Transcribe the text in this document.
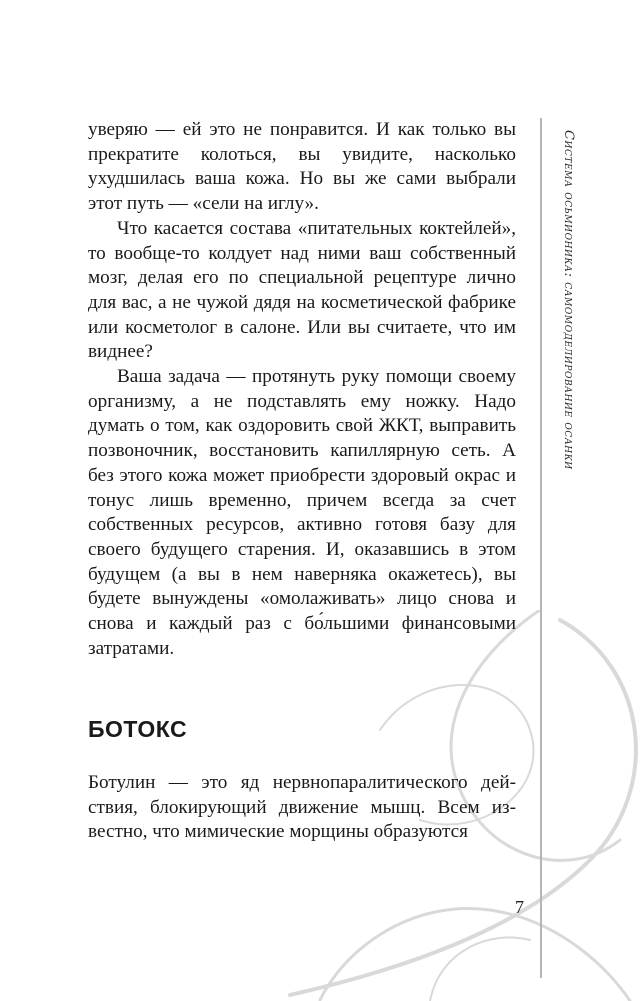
Система осьмионика: самомоделирование осанки

уверяю — ей это не понравится. И как только вы прекратите колоться, вы увидите, насколько ухудшилась ваша кожа. Но вы же сами выбрали этот путь — «сели на иглу».

Что касается состава «питательных коктейлей», то вообще-то колдует над ними ваш собственный мозг, делая его по специальной рецептуре лично для вас, а не чужой дядя на косметической фабрике или косметолог в салоне. Или вы считаете, что им виднее?

Ваша задача — протянуть руку помощи своему организму, а не подставлять ему ножку. Надо думать о том, как оздоровить свой ЖКТ, выправить позвоночник, восстановить капиллярную сеть. А без этого кожа может приобрести здоровый окрас и тонус лишь временно, причем всегда за счет собственных ресурсов, активно готовя базу для своего будущего старения. И, оказавшись в этом будущем (а вы в нем наверняка окажетесь), вы будете вынуждены «омолаживать» лицо снова и снова и каждый раз с бо́льшими финансовыми затратами.

БОТОКС

Ботулин — это яд нервнопаралитического действия, блокирующий движение мышц. Всем известно, что мимические морщины образуются

7
